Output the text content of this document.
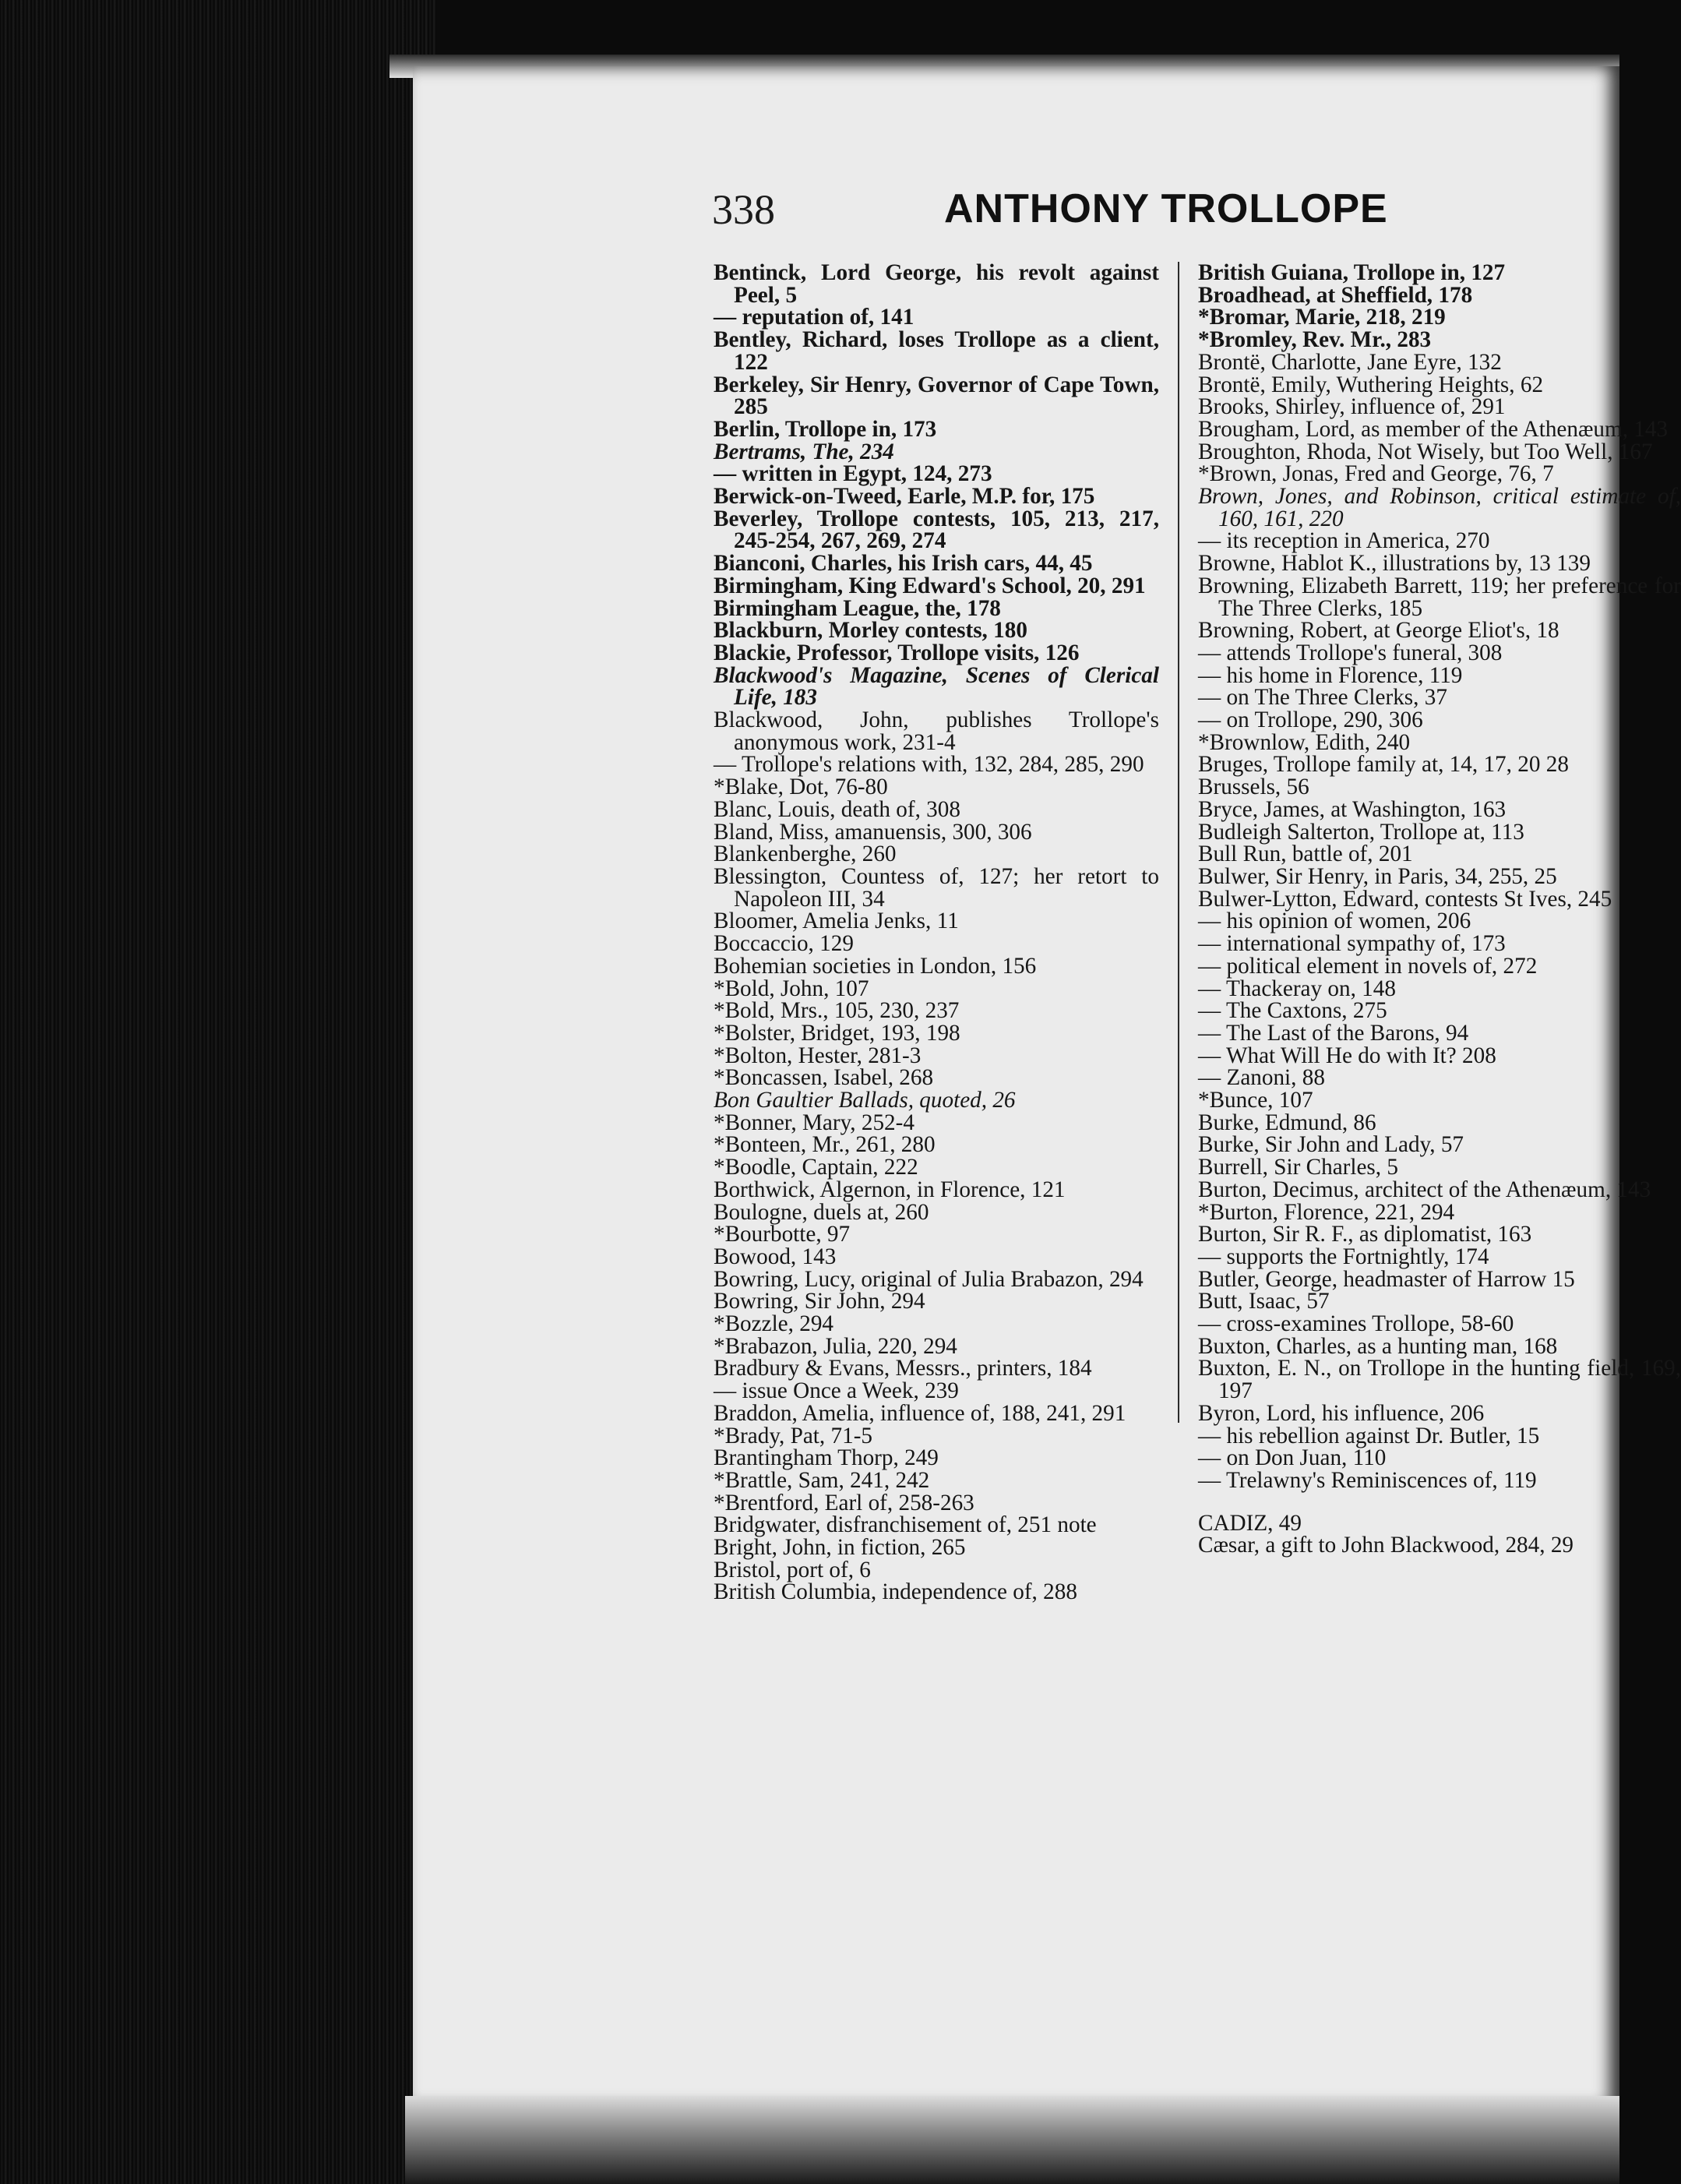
338	ANTHONY TROLLOPE

Bentinck, Lord George, his revolt against Peel, 5

— reputation of, 141

Bentley, Richard, loses Trollope as a client, 122

Berkeley, Sir Henry, Governor of Cape Town, 285

Berlin, Trollope in, 173

Bertrams, The, 234

— written in Egypt, 124, 273

Berwick-on-Tweed, Earle, M.P. for, 175

Beverley, Trollope contests, 105, 213, 217, 245-254, 267, 269, 274

Bianconi, Charles, his Irish cars, 44, 45

Birmingham, King Edward's School, 20, 291

Birmingham League, the, 178

Blackburn, Morley contests, 180

Blackie, Professor, Trollope visits, 126

Blackwood's Magazine, Scenes of Clerical Life, 183

Blackwood, John, publishes Trollope's anonymous work, 231-4

— Trollope's relations with, 132, 284, 285, 290

*Blake, Dot, 76-80

Blanc, Louis, death of, 308

Bland, Miss, amanuensis, 300, 306

Blankenberghe, 260

Blessington, Countess of, 127; her retort to Napoleon III, 34

Bloomer, Amelia Jenks, 11

Boccaccio, 129

Bohemian societies in London, 156

*Bold, John, 107

*Bold, Mrs., 105, 230, 237

*Bolster, Bridget, 193, 198

*Bolton, Hester, 281-3

*Boncassen, Isabel, 268

Bon Gaultier Ballads, quoted, 26

*Bonner, Mary, 252-4

*Bonteen, Mr., 261, 280

*Boodle, Captain, 222

Borthwick, Algernon, in Florence, 121

Boulogne, duels at, 260

*Bourbotte, 97

Bowood, 143

Bowring, Lucy, original of Julia Brabazon, 294

Bowring, Sir John, 294

*Bozzle, 294

*Brabazon, Julia, 220, 294

Bradbury & Evans, Messrs., printers, 184

— issue Once a Week, 239

Braddon, Amelia, influence of, 188, 241, 291

*Brady, Pat, 71-5

Brantingham Thorp, 249

*Brattle, Sam, 241, 242

*Brentford, Earl of, 258-263

Bridgwater, disfranchisement of, 251 note

Bright, John, in fiction, 265

Bristol, port of, 6

British Columbia, independence of, 288

British Guiana, Trollope in, 127

Broadhead, at Sheffield, 178

*Bromar, Marie, 218, 219

*Bromley, Rev. Mr., 283

Brontë, Charlotte, Jane Eyre, 132

Brontë, Emily, Wuthering Heights, 62

Brooks, Shirley, influence of, 291

Brougham, Lord, as member of the Athenæum, 143

Broughton, Rhoda, Not Wisely, but Too Well, 167

*Brown, Jonas, Fred and George, 76, 7

Brown, Jones, and Robinson, critical estimate of, 160, 161, 220

— its reception in America, 270

Browne, Hablot K., illustrations by, 13 139

Browning, Elizabeth Barrett, 119; her preference for The Three Clerks, 185

Browning, Robert, at George Eliot's, 18

— attends Trollope's funeral, 308

— his home in Florence, 119

— on The Three Clerks, 37

— on Trollope, 290, 306

*Brownlow, Edith, 240

Bruges, Trollope family at, 14, 17, 20 28

Brussels, 56

Bryce, James, at Washington, 163

Budleigh Salterton, Trollope at, 113

Bull Run, battle of, 201

Bulwer, Sir Henry, in Paris, 34, 255, 25

Bulwer-Lytton, Edward, contests St Ives, 245

— his opinion of women, 206

— international sympathy of, 173

— political element in novels of, 272

— Thackeray on, 148

— The Caxtons, 275

— The Last of the Barons, 94

— What Will He do with It? 208

— Zanoni, 88

*Bunce, 107

Burke, Edmund, 86

Burke, Sir John and Lady, 57

Burrell, Sir Charles, 5

Burton, Decimus, architect of the Athenæum, 143

*Burton, Florence, 221, 294

Burton, Sir R. F., as diplomatist, 163

— supports the Fortnightly, 174

Butler, George, headmaster of Harrow 15

Butt, Isaac, 57

— cross-examines Trollope, 58-60

Buxton, Charles, as a hunting man, 168

Buxton, E. N., on Trollope in the hunting field, 169, 197

Byron, Lord, his influence, 206

— his rebellion against Dr. Butler, 15

— on Don Juan, 110

— Trelawny's Reminiscences of, 119

CADIZ, 49

Cæsar, a gift to John Blackwood, 284, 29
